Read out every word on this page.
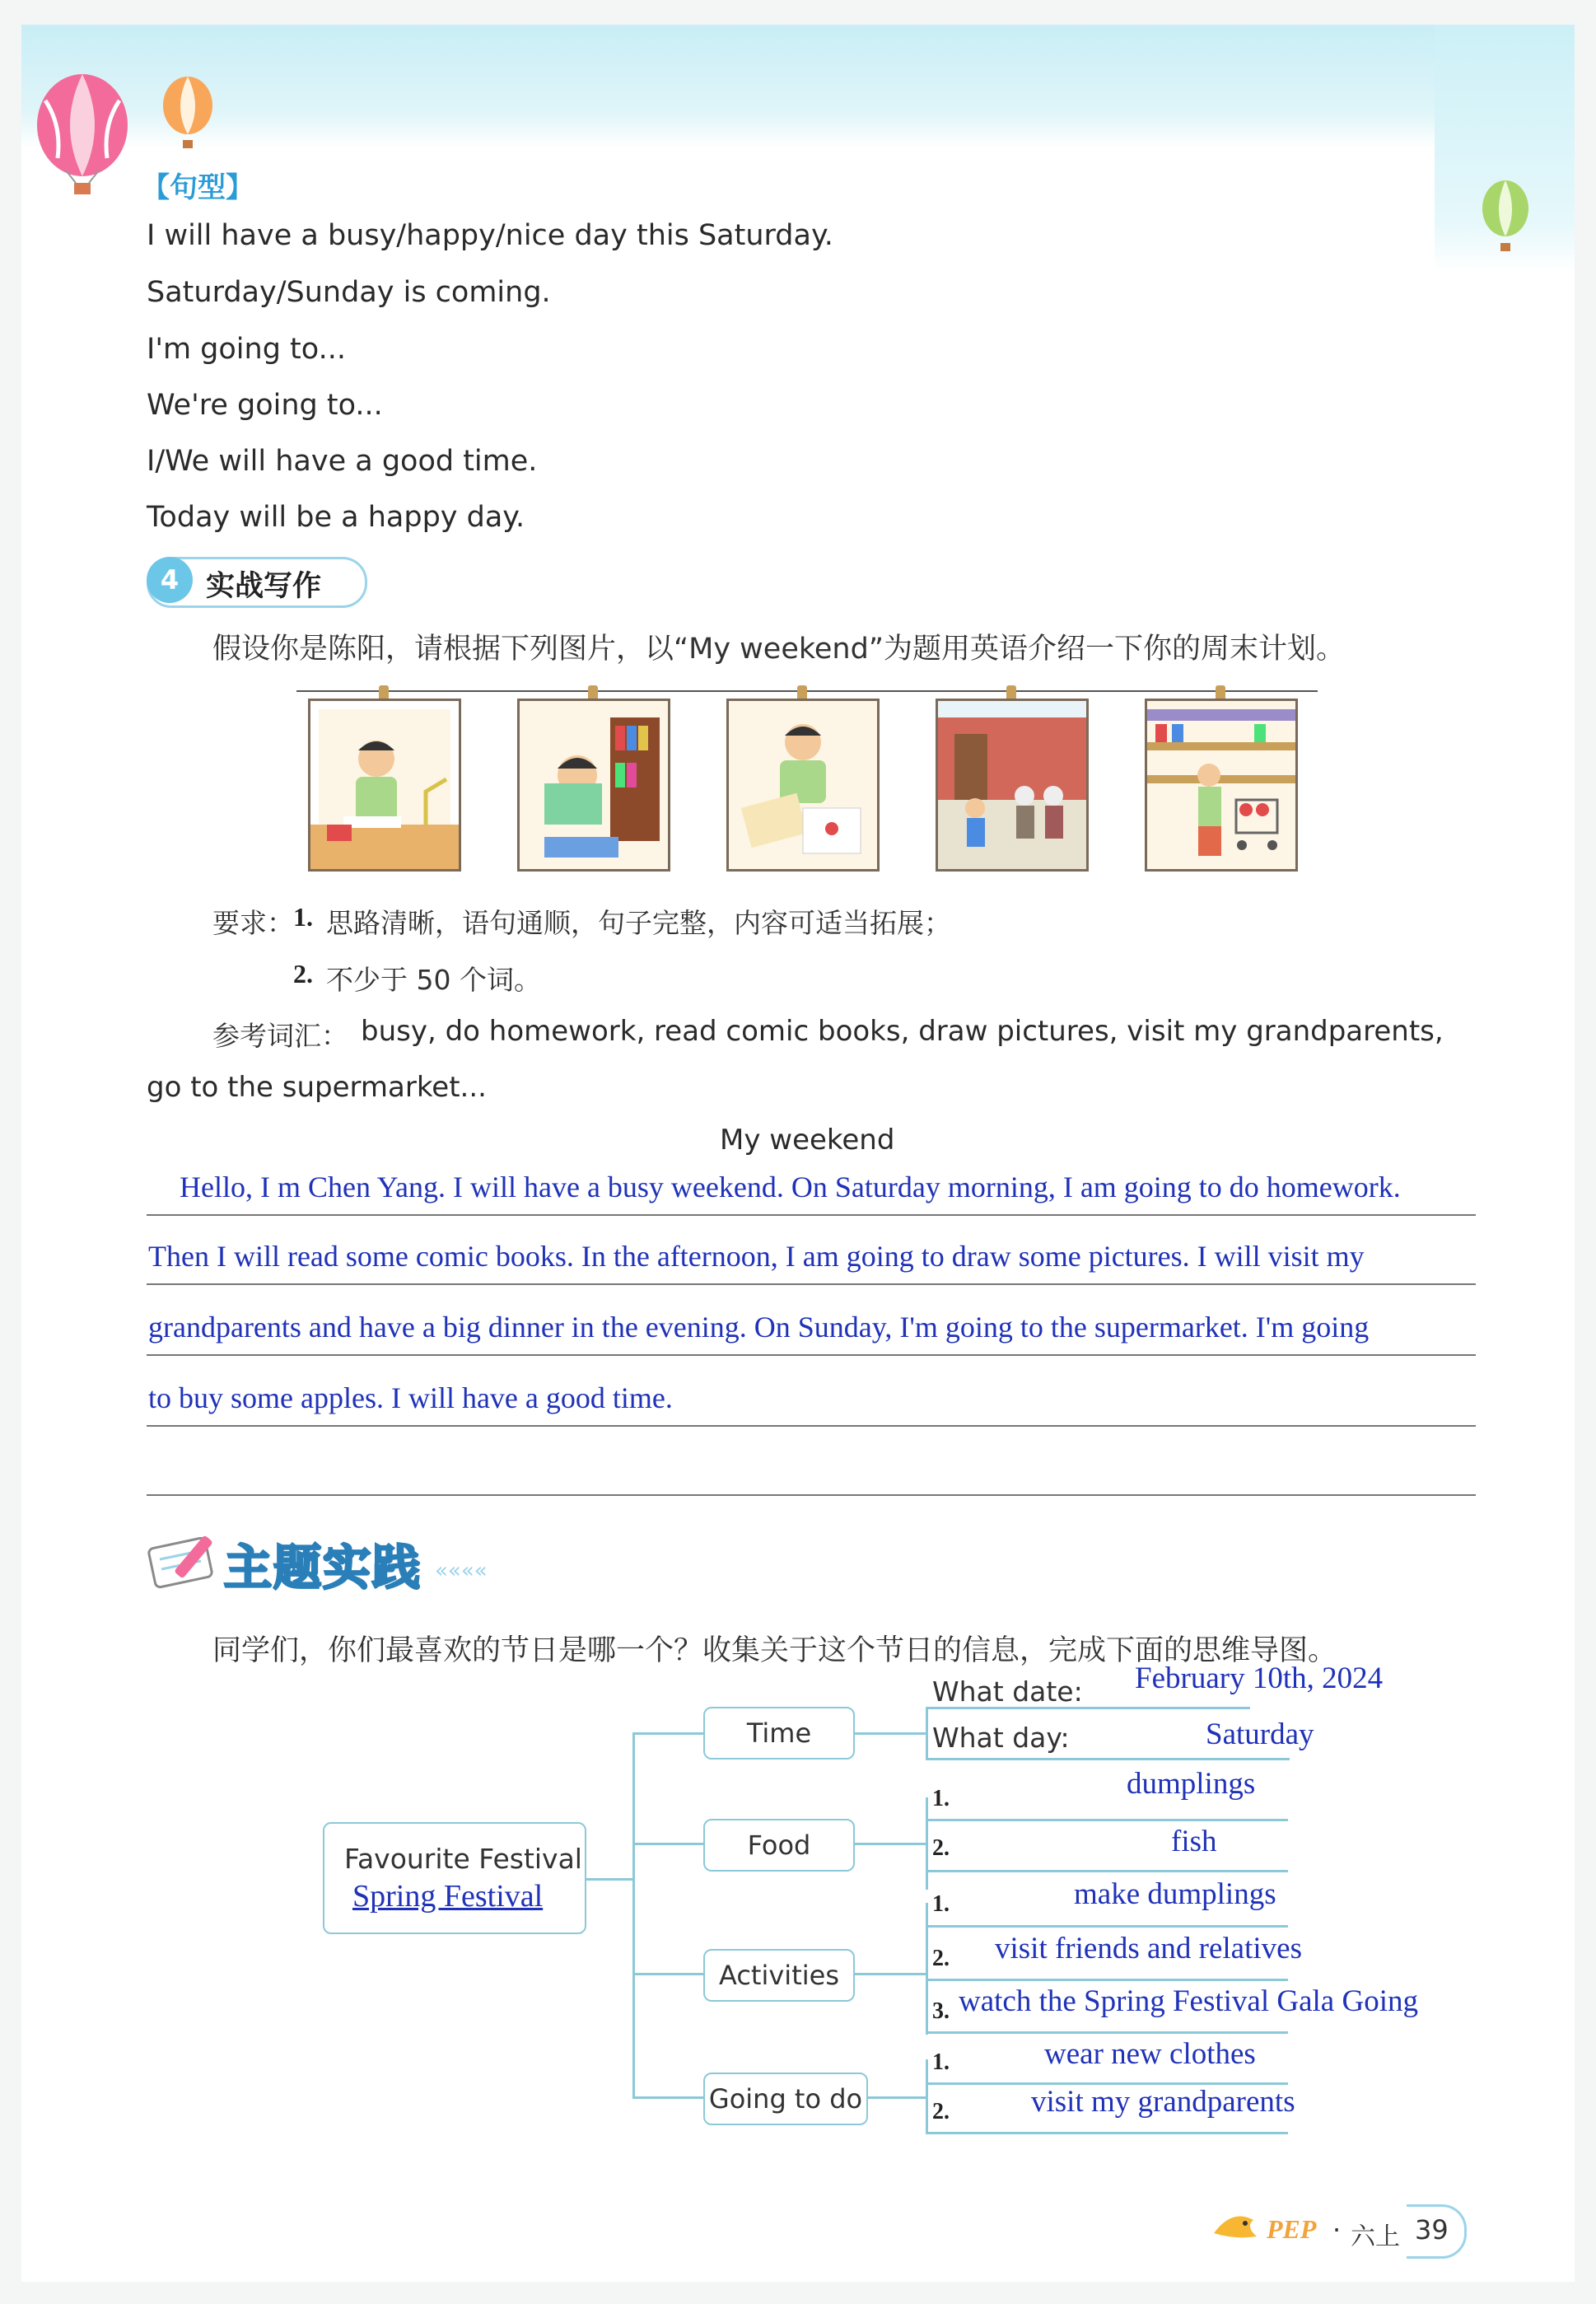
【句型】
I will have a busy/happy/nice day this Saturday.
Saturday/Sunday is coming.
I'm going to...
We're going to...
I/We will have a good time.
Today will be a happy day.
4 实战写作
假设你是陈阳，请根据下列图片，以“My weekend”为题用英语介绍一下你的周末计划。
要求： 1. 思路清晰，语句通顺，句子完整，内容可适当拓展；
2. 不少于 50 个词。
参考词汇： busy, do homework, read comic books, draw pictures, visit my grandparents,
go to the supermarket...
My weekend
Hello, I m Chen Yang. I will have a busy weekend. On Saturday morning, I am going to do homework.
Then I will read some comic books. In the afternoon, I am going to draw some pictures. I will visit my
grandparents and have a big dinner in the evening. On Sunday, I'm going to the supermarket. I'm going
to buy some apples. I will have a good time.
主题实践 ««««
同学们，你们最喜欢的节日是哪一个？收集关于这个节日的信息，完成下面的思维导图。
Favourite Festival
Spring Festival
Time
Food
Activities
Going to do
What date: February 10th, 2024
What day:	Saturday
1.	dumplings
2.	fish
1.	make dumplings
2. visit friends and relatives
3. watch the Spring Festival Gala Going
1.	wear new clothes
2.	visit my grandparents
PEP · 六上 39
